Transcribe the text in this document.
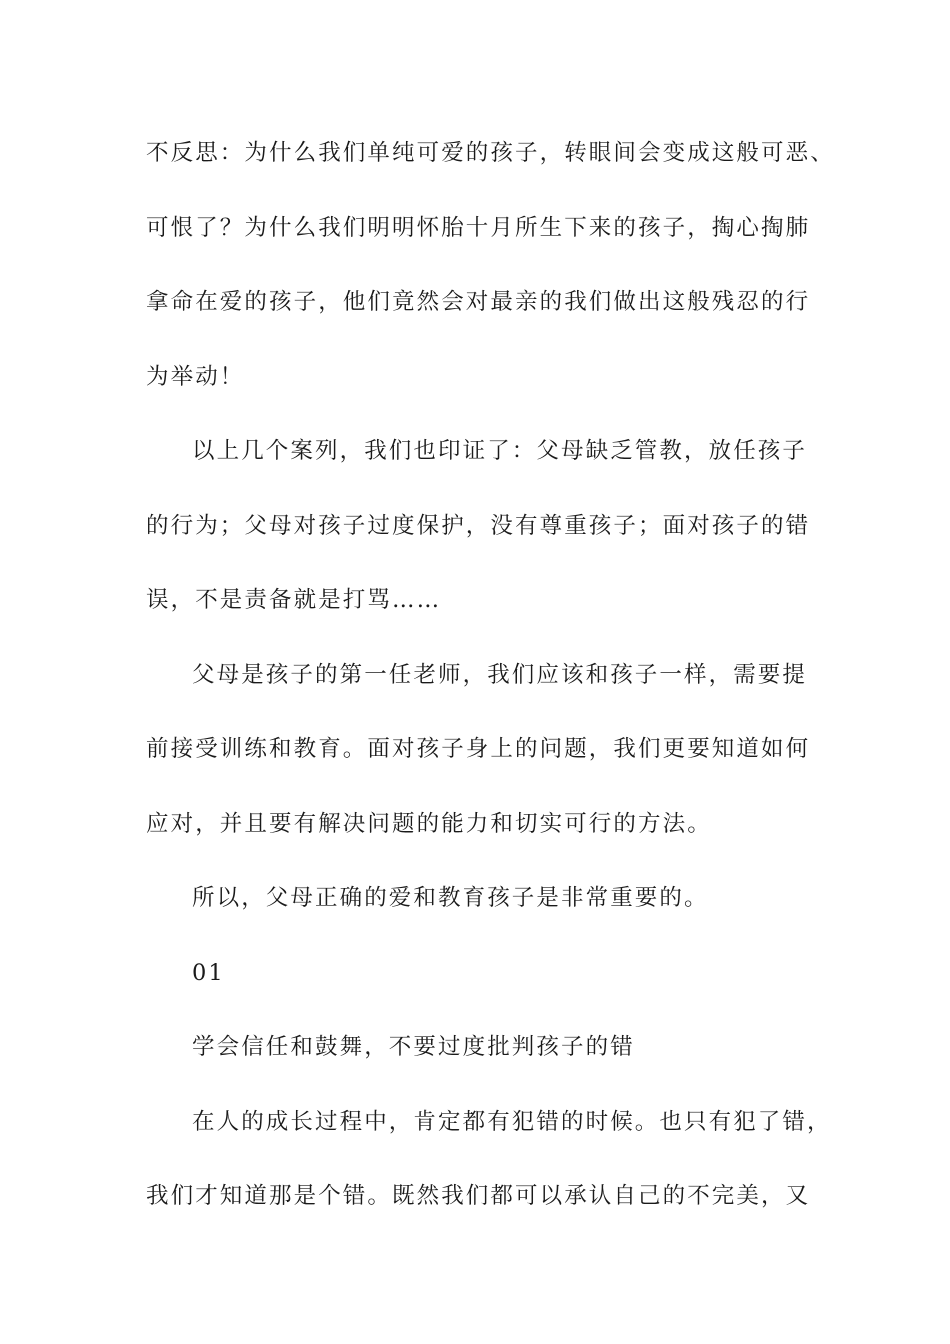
不反思：为什么我们单纯可爱的孩子，转眼间会变成这般可恶、
可恨了？为什么我们明明怀胎十月所生下来的孩子，掏心掏肺
拿命在爱的孩子，他们竟然会对最亲的我们做出这般残忍的行
为举动！
以上几个案列，我们也印证了：父母缺乏管教，放任孩子
的行为；父母对孩子过度保护，没有尊重孩子；面对孩子的错
误，不是责备就是打骂……
父母是孩子的第一任老师，我们应该和孩子一样，需要提
前接受训练和教育。面对孩子身上的问题，我们更要知道如何
应对，并且要有解决问题的能力和切实可行的方法。
所以，父母正确的爱和教育孩子是非常重要的。
01
学会信任和鼓舞，不要过度批判孩子的错
在人的成长过程中，肯定都有犯错的时候。也只有犯了错，
我们才知道那是个错。既然我们都可以承认自己的不完美，又
